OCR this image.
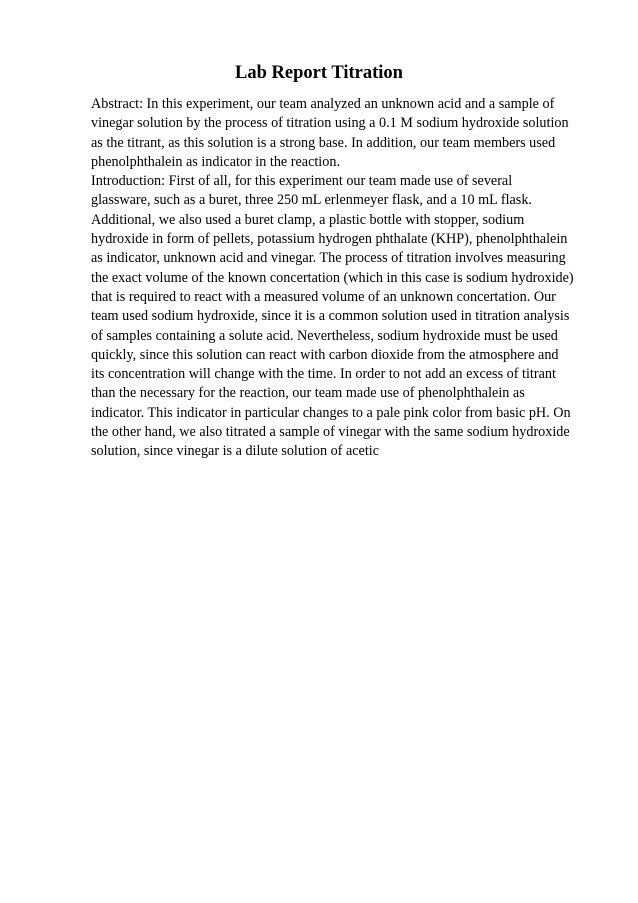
Lab Report Titration
Abstract: In this experiment, our team analyzed an unknown acid and a sample of
vinegar solution by the process of titration using a 0.1 M sodium hydroxide solution
as the titrant, as this solution is a strong base. In addition, our team members used
phenolphthalein as indicator in the reaction.
Introduction: First of all, for this experiment our team made use of several
glassware, such as a buret, three 250 mL erlenmeyer flask, and a 10 mL flask.
Additional, we also used a buret clamp, a plastic bottle with stopper, sodium
hydroxide in form of pellets, potassium hydrogen phthalate (KHP), phenolphthalein
as indicator, unknown acid and vinegar. The process of titration involves measuring
the exact volume of the known concertation (which in this case is sodium hydroxide)
that is required to react with a measured volume of an unknown concertation. Our
team used sodium hydroxide, since it is a common solution used in titration analysis
of samples containing a solute acid. Nevertheless, sodium hydroxide must be used
quickly, since this solution can react with carbon dioxide from the atmosphere and
its concentration will change with the time. In order to not add an excess of titrant
than the necessary for the reaction, our team made use of phenolphthalein as
indicator. This indicator in particular changes to a pale pink color from basic pH. On
the other hand, we also titrated a sample of vinegar with the same sodium hydroxide
solution, since vinegar is a dilute solution of acetic
